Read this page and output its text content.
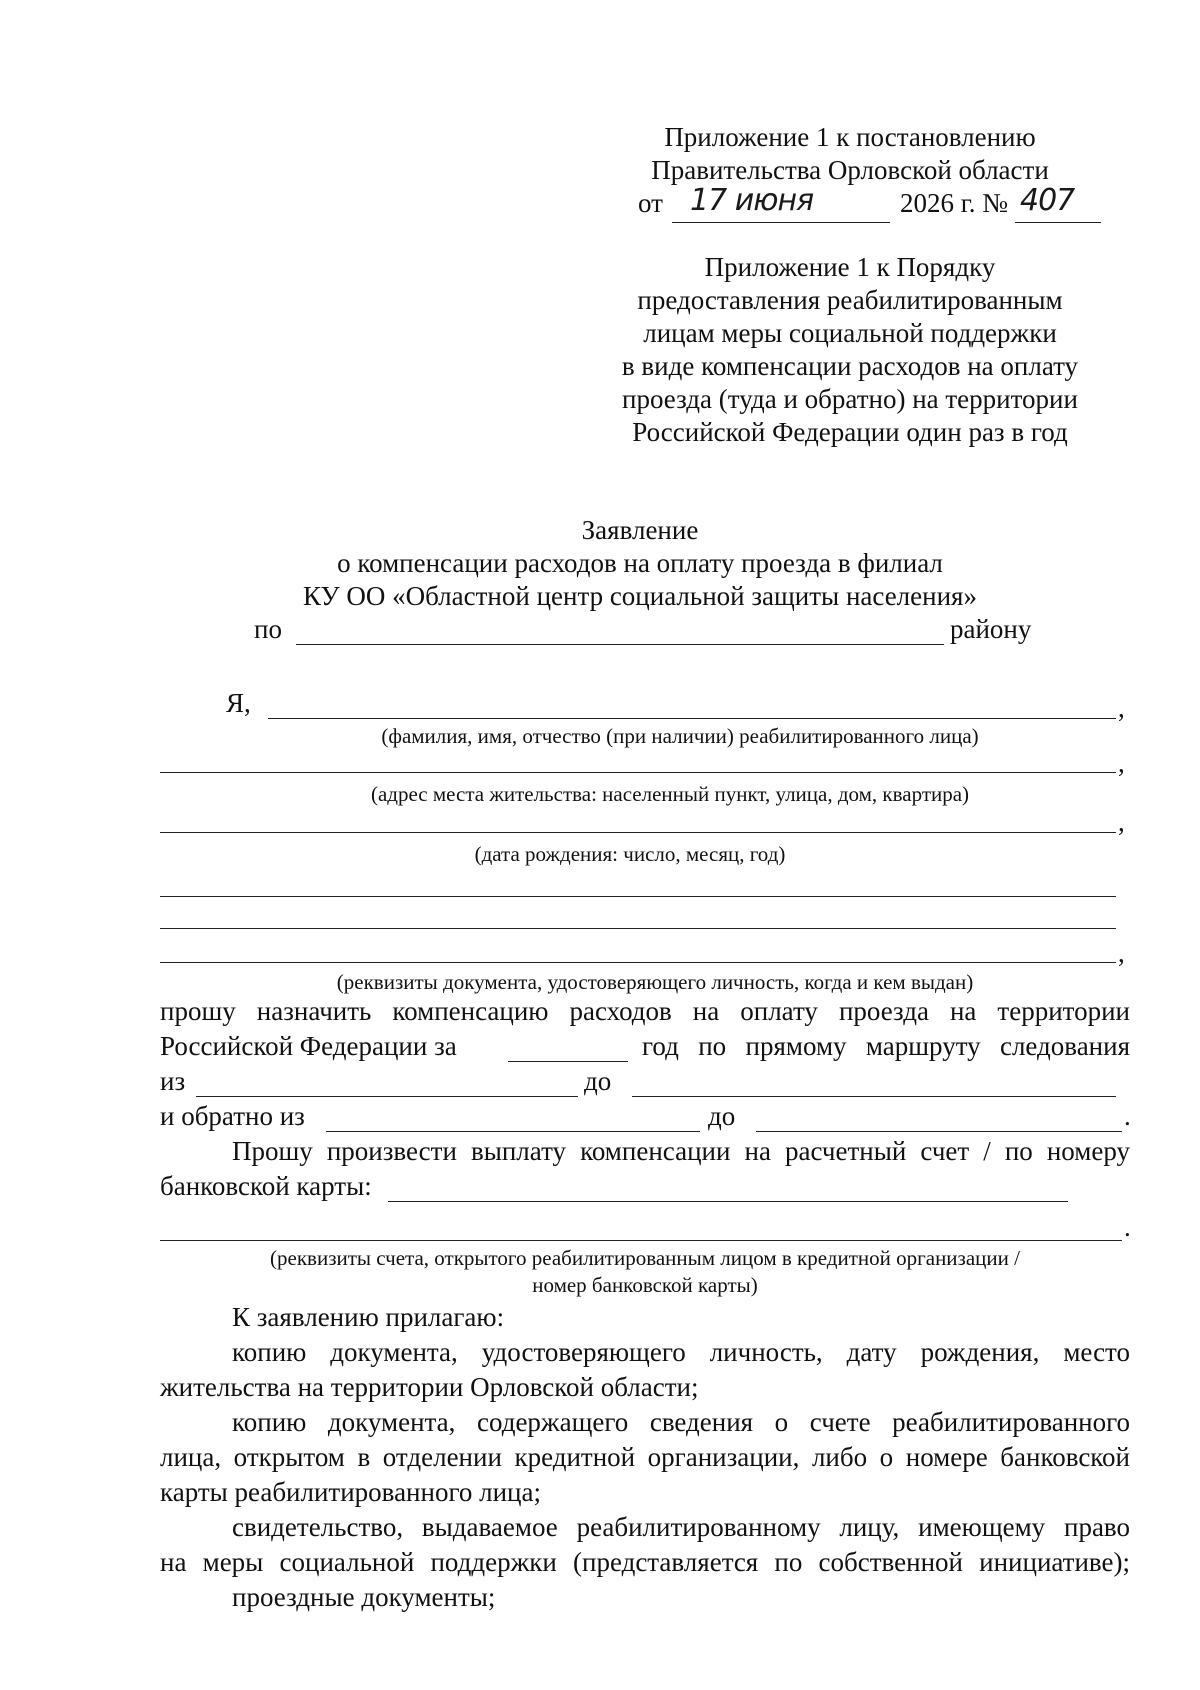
Приложение 1 к постановлению
Правительства Орловской области
от 17 июня	2026 г. № 407
Приложение 1 к Порядку
предоставления реабилитированным
лицам меры социальной поддержки
в виде компенсации расходов на оплату
проезда (туда и обратно) на территории
Российской Федерации один раз в год
Заявление
о компенсации расходов на оплату проезда в филиал
КУ ОО «Областной центр социальной защиты населения»
по	району
Я,	,
(фамилия, имя, отчество (при наличии) реабилитированного лица)
,
(адрес места жительства: населенный пункт, улица, дом, квартира)
,
(дата рождения: число, месяц, год)
,
(реквизиты документа, удостоверяющего личность, когда и кем выдан)
прошу назначить компенсацию расходов на оплату проезда на территории
Российской Федерации за	год по прямому маршруту следования
из	до
и обратно из	до	.
Прошу произвести выплату компенсации на расчетный счет / по номеру
банковской карты:
.
(реквизиты счета, открытого реабилитированным лицом в кредитной организации /
номер банковской карты)
К заявлению прилагаю:
копию документа, удостоверяющего личность, дату рождения, место
жительства на территории Орловской области;
копию документа, содержащего сведения о счете реабилитированного
лица, открытом в отделении кредитной организации, либо о номере банковской
карты реабилитированного лица;
свидетельство, выдаваемое реабилитированному лицу, имеющему право
на меры социальной поддержки (представляется по собственной инициативе);
проездные документы;
